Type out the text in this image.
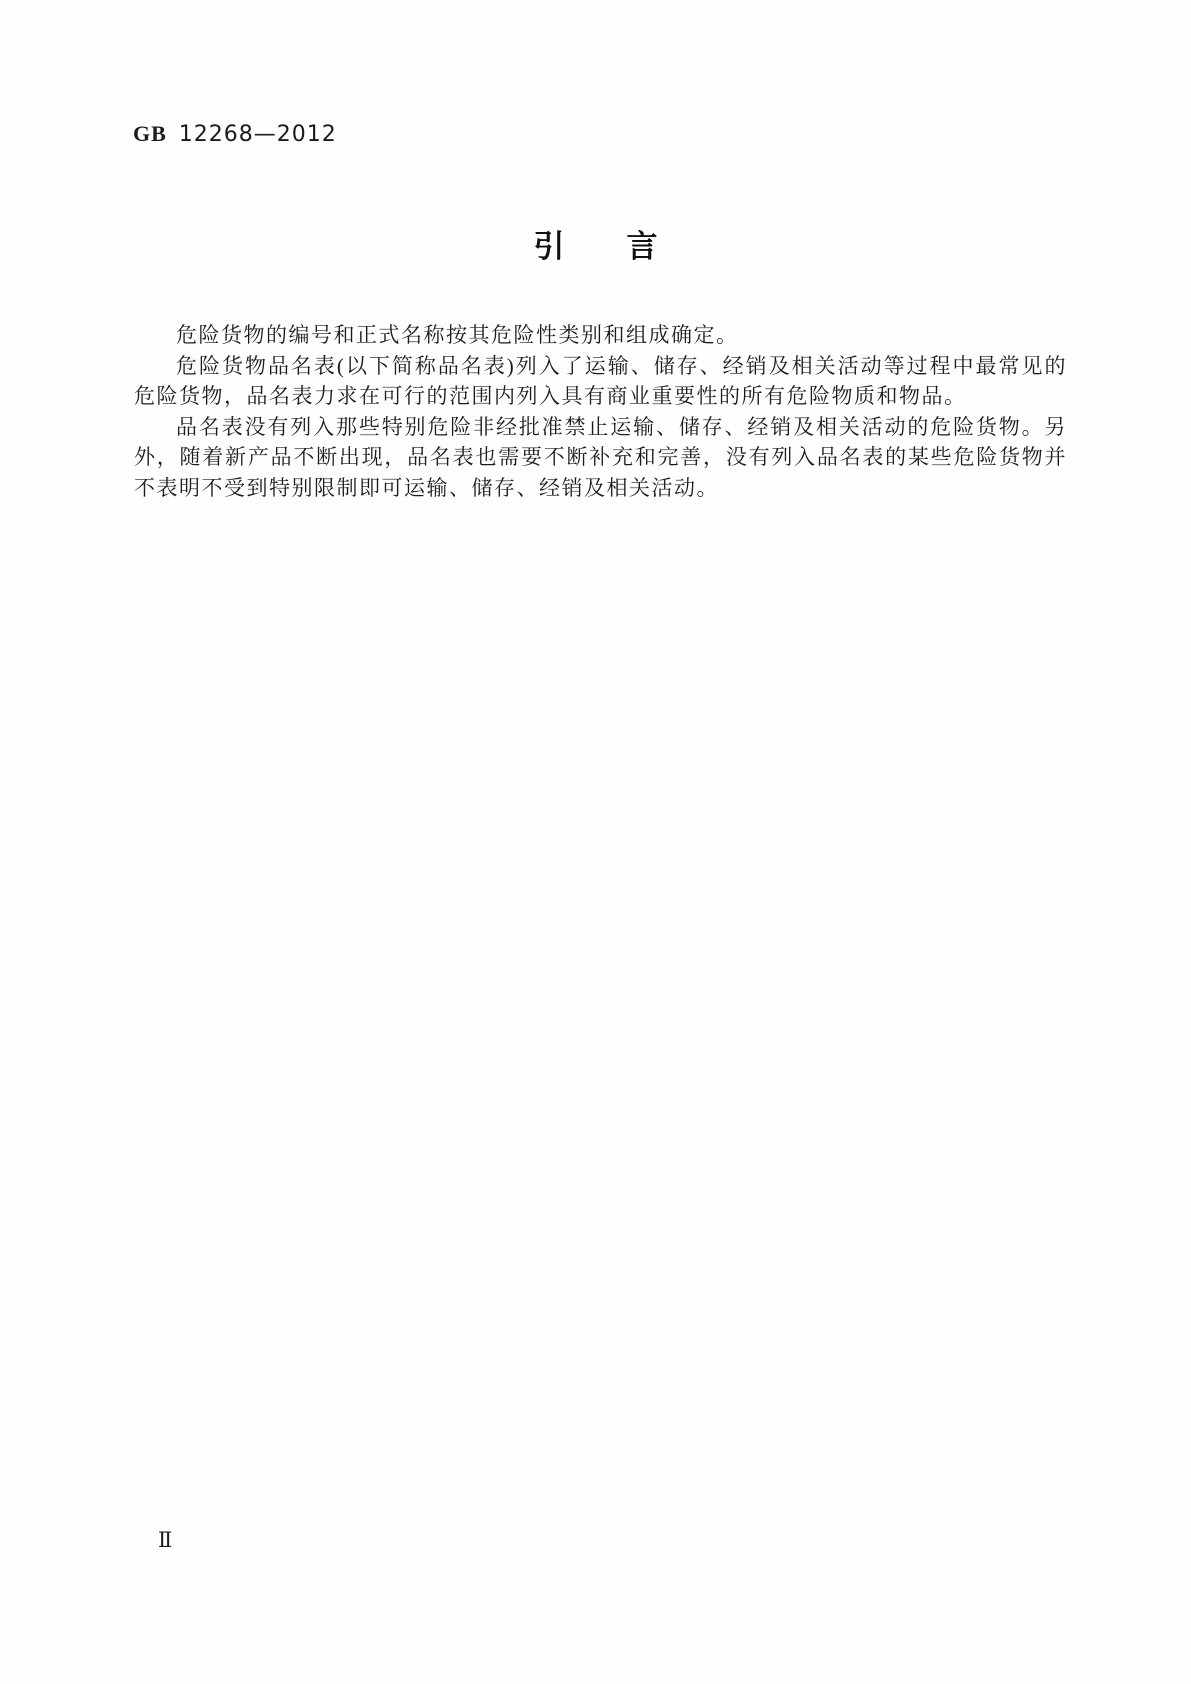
GB 12268—2012
引　　言

危险货物的编号和正式名称按其危险性类别和组成确定。

危险货物品名表(以下简称品名表)列入了运输、储存、经销及相关活动等过程中最常见的危险货物，品名表力求在可行的范围内列入具有商业重要性的所有危险物质和物品。

品名表没有列入那些特别危险非经批准禁止运输、储存、经销及相关活动的危险货物。另外，随着新产品不断出现，品名表也需要不断补充和完善，没有列入品名表的某些危险货物并不表明不受到特别限制即可运输、储存、经销及相关活动。

Ⅱ
